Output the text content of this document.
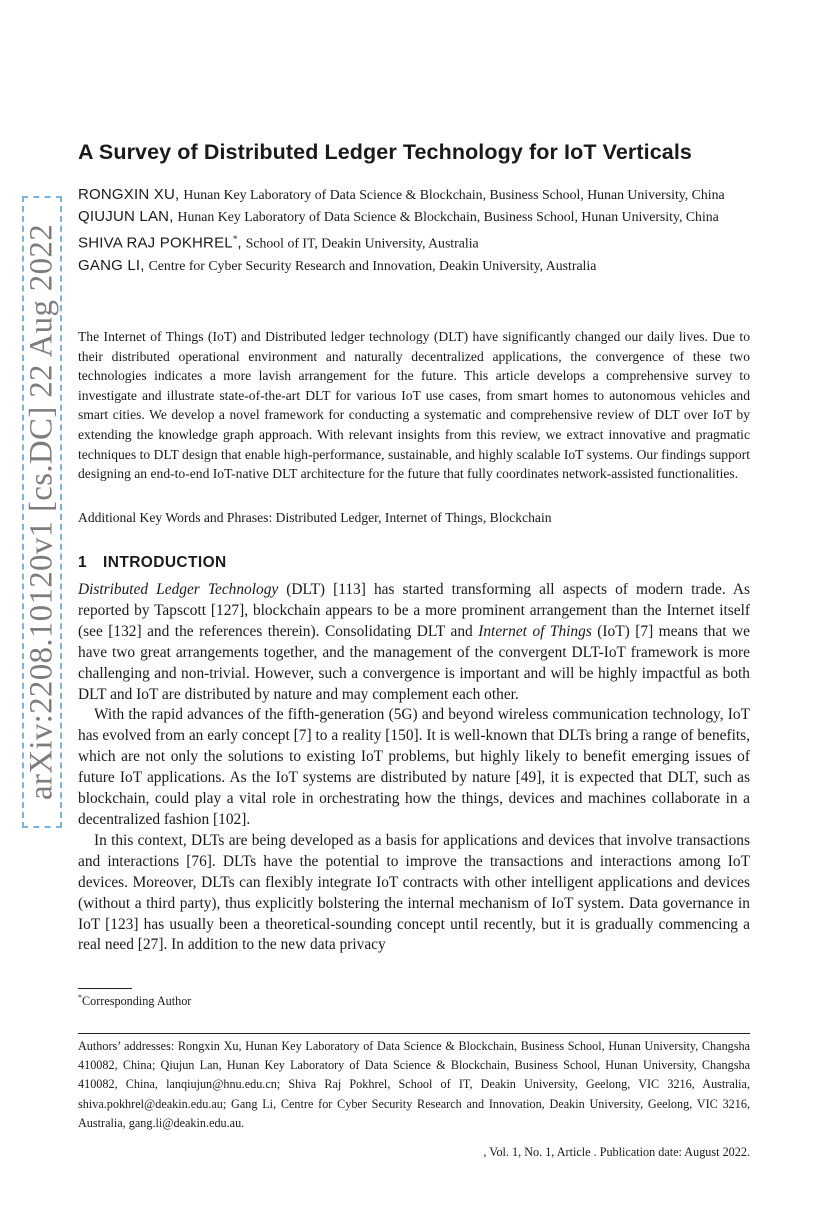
arXiv:2208.10120v1 [cs.DC] 22 Aug 2022
A Survey of Distributed Ledger Technology for IoT Verticals
RONGXIN XU, Hunan Key Laboratory of Data Science & Blockchain, Business School, Hunan University, China
QIUJUN LAN, Hunan Key Laboratory of Data Science & Blockchain, Business School, Hunan University, China
SHIVA RAJ POKHREL*, School of IT, Deakin University, Australia
GANG LI, Centre for Cyber Security Research and Innovation, Deakin University, Australia

The Internet of Things (IoT) and Distributed ledger technology (DLT) have significantly changed our daily lives. Due to their distributed operational environment and naturally decentralized applications, the convergence of these two technologies indicates a more lavish arrangement for the future. This article develops a comprehensive survey to investigate and illustrate state-of-the-art DLT for various IoT use cases, from smart homes to autonomous vehicles and smart cities. We develop a novel framework for conducting a systematic and comprehensive review of DLT over IoT by extending the knowledge graph approach. With relevant insights from this review, we extract innovative and pragmatic techniques to DLT design that enable high-performance, sustainable, and highly scalable IoT systems. Our findings support designing an end-to-end IoT-native DLT architecture for the future that fully coordinates network-assisted functionalities.

Additional Key Words and Phrases: Distributed Ledger, Internet of Things, Blockchain

1 INTRODUCTION

Distributed Ledger Technology (DLT) [113] has started transforming all aspects of modern trade. As reported by Tapscott [127], blockchain appears to be a more prominent arrangement than the Internet itself (see [132] and the references therein). Consolidating DLT and Internet of Things (IoT) [7] means that we have two great arrangements together, and the management of the convergent DLT-IoT framework is more challenging and non-trivial. However, such a convergence is important and will be highly impactful as both DLT and IoT are distributed by nature and may complement each other.

With the rapid advances of the fifth-generation (5G) and beyond wireless communication technology, IoT has evolved from an early concept [7] to a reality [150]. It is well-known that DLTs bring a range of benefits, which are not only the solutions to existing IoT problems, but highly likely to benefit emerging issues of future IoT applications. As the IoT systems are distributed by nature [49], it is expected that DLT, such as blockchain, could play a vital role in orchestrating how the things, devices and machines collaborate in a decentralized fashion [102].

In this context, DLTs are being developed as a basis for applications and devices that involve transactions and interactions [76]. DLTs have the potential to improve the transactions and interactions among IoT devices. Moreover, DLTs can flexibly integrate IoT contracts with other intelligent applications and devices (without a third party), thus explicitly bolstering the internal mechanism of IoT system. Data governance in IoT [123] has usually been a theoretical-sounding concept until recently, but it is gradually commencing a real need [27]. In addition to the new data privacy

*Corresponding Author

Authors’ addresses: Rongxin Xu, Hunan Key Laboratory of Data Science & Blockchain, Business School, Hunan University, Changsha 410082, China; Qiujun Lan, Hunan Key Laboratory of Data Science & Blockchain, Business School, Hunan University, Changsha 410082, China, lanqiujun@hnu.edu.cn; Shiva Raj Pokhrel, School of IT, Deakin University, Geelong, VIC 3216, Australia, shiva.pokhrel@deakin.edu.au; Gang Li, Centre for Cyber Security Research and Innovation, Deakin University, Geelong, VIC 3216, Australia, gang.li@deakin.edu.au.

, Vol. 1, No. 1, Article . Publication date: August 2022.
